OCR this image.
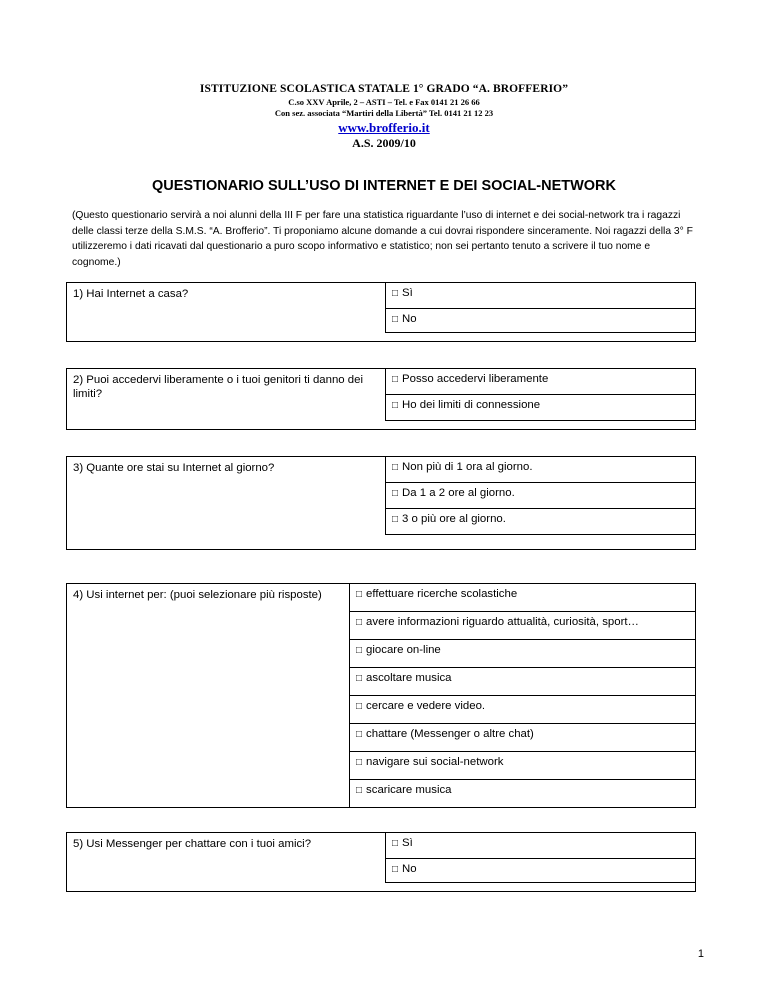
ISTITUZIONE SCOLASTICA STATALE 1° GRADO “A. BROFFERIO”
C.so XXV Aprile, 2 – ASTI – Tel. e Fax 0141 21 26 66
Con sez. associata “Martiri della Libertà” Tel. 0141 21 12 23
www.brofferio.it
A.S. 2009/10
QUESTIONARIO SULL’USO DI INTERNET E DEI SOCIAL-NETWORK
(Questo questionario servirà a noi alunni della III F per fare una statistica riguardante l’uso di internet e dei social-network tra i ragazzi delle classi terze della S.M.S. “A. Brofferio”. Ti proponiamo alcune domande a cui dovrai rispondere sinceramente. Noi ragazzi della 3° F utilizzeremo i dati ricavati dal questionario a puro scopo informativo e statistico; non sei pertanto tenuto a scrivere il tuo nome e cognome.)
1) Hai Internet a casa?	□ Sì
□ No
2) Puoi accedervi liberamente o i tuoi genitori ti danno dei limiti?
□ Posso accedervi liberamente
□ Ho dei limiti di connessione
3) Quante ore stai su Internet al giorno?	□ Non più di 1 ora al giorno.
□ Da 1 a 2 ore al giorno.
□ 3 o più ore al giorno.
4) Usi internet per: (puoi selezionare più risposte)	□ effettuare ricerche scolastiche
□ avere informazioni riguardo attualità, curiosità, sport…
□ giocare on-line
□ ascoltare musica
□ cercare e vedere video.
□ chattare (Messenger o altre chat)
□ navigare sui social-network
□ scaricare musica
5) Usi Messenger per chattare con i tuoi amici?	□ Sì
□ No
1
